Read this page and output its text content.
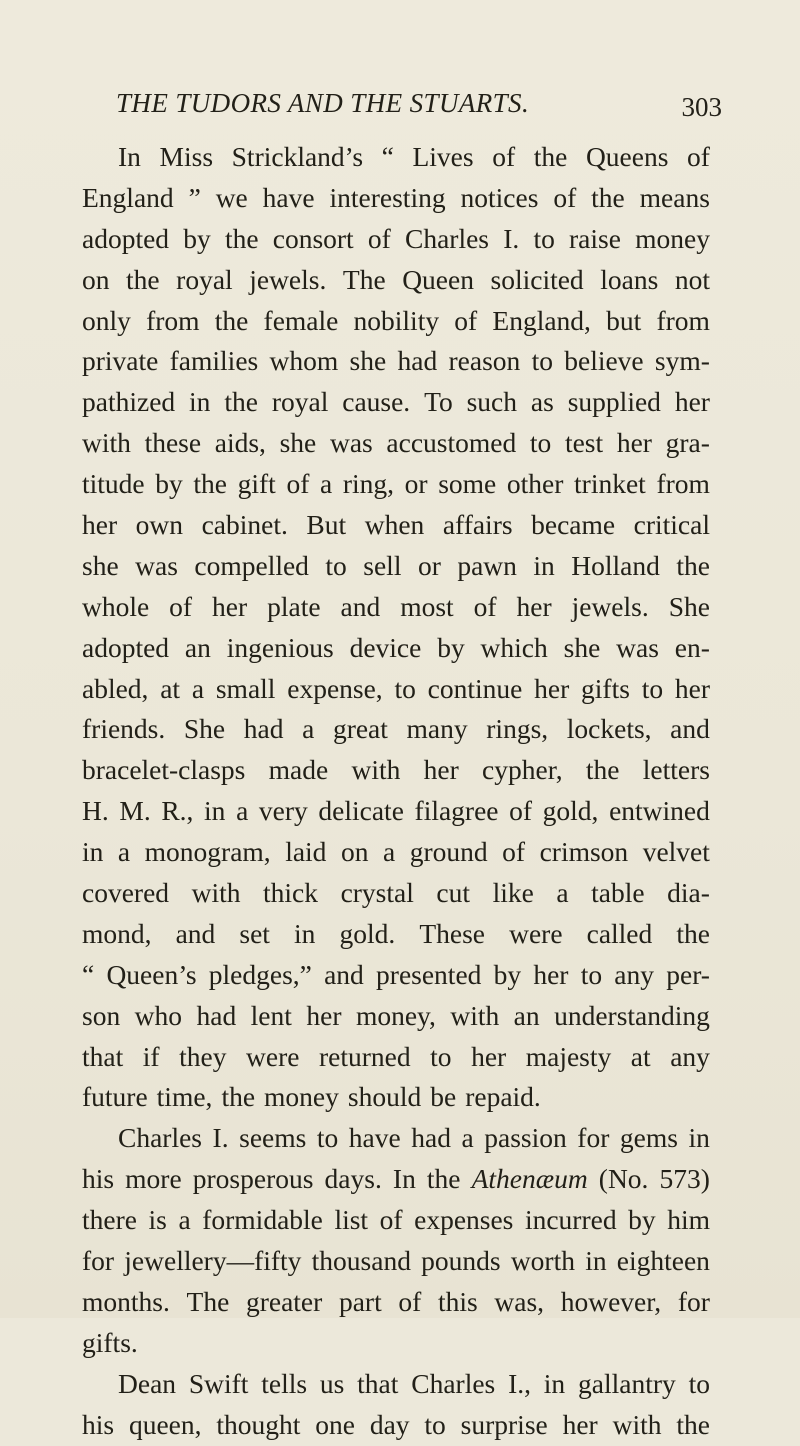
THE TUDORS AND THE STUARTS.	303
In Miss Strickland’s “ Lives of the Queens of
England ” we have interesting notices of the means
adopted by the consort of Charles I. to raise money
on the royal jewels. The Queen solicited loans not
only from the female nobility of England, but from
private families whom she had reason to believe sym-
pathized in the royal cause. To such as supplied her
with these aids, she was accustomed to test her gra-
titude by the gift of a ring, or some other trinket from
her own cabinet. But when affairs became critical
she was compelled to sell or pawn in Holland the
whole of her plate and most of her jewels. She
adopted an ingenious device by which she was en-
abled, at a small expense, to continue her gifts to her
friends. She had a great many rings, lockets, and
bracelet-clasps made with her cypher, the letters
H. M. R., in a very delicate filagree of gold, entwined
in a monogram, laid on a ground of crimson velvet
covered with thick crystal cut like a table dia-
mond, and set in gold. These were called the
“ Queen’s pledges,” and presented by her to any per-
son who had lent her money, with an understanding
that if they were returned to her majesty at any
future time, the money should be repaid.
Charles I. seems to have had a passion for gems in
his more prosperous days. In the Athenæum (No. 573)
there is a formidable list of expenses incurred by him
for jewellery—fifty thousand pounds worth in eighteen
months. The greater part of this was, however, for
gifts.
Dean Swift tells us that Charles I., in gallantry to
his queen, thought one day to surprise her with the
